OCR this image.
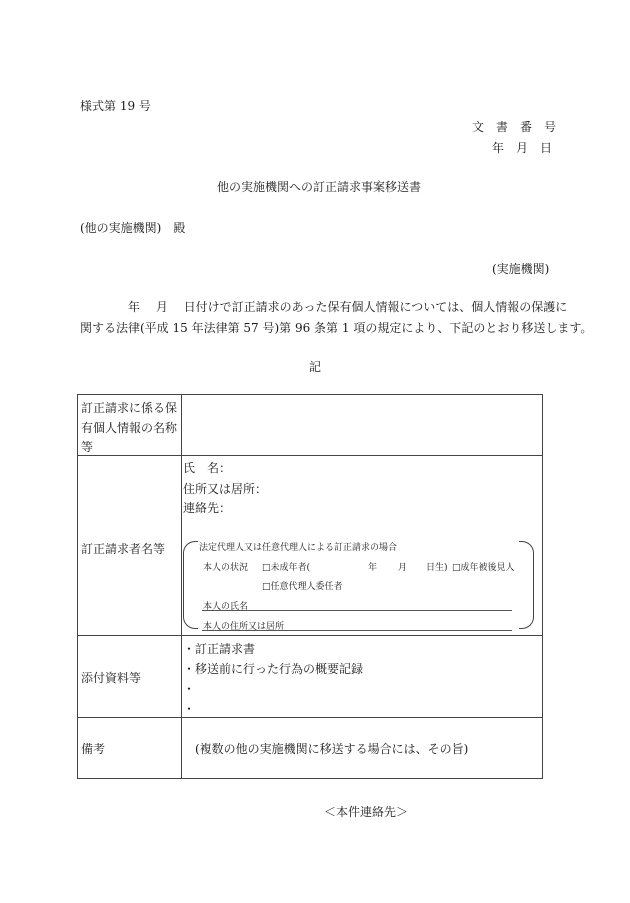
様式第 19 号
文　書　番　号
年　月　日
他の実施機関への訂正請求事案移送書
(他の実施機関)　殿
(実施機関)
　　　　年　 月　 日付けで訂正請求のあった保有個人情報については、個人情報の保護に
関する法律(平成 15 年法律第 57 号)第 96 条第 1 項の規定により、下記のとおり移送します。
記
訂正請求に係る保
有個人情報の名称
等
訂正請求者名等
氏　名：
住所又は居所：
連絡先：
法定代理人又は任意代理人による訂正請求の場合
本人の状況 □未成年者(	年 月 日生) □成年被後見人
□任意代理人委任者
本人の氏名
本人の住所又は居所
添付資料等
・訂正請求書
・移送前に行った行為の概要記録
・
・
備考	(複数の他の実施機関に移送する場合には、その旨)
＜本件連絡先＞
